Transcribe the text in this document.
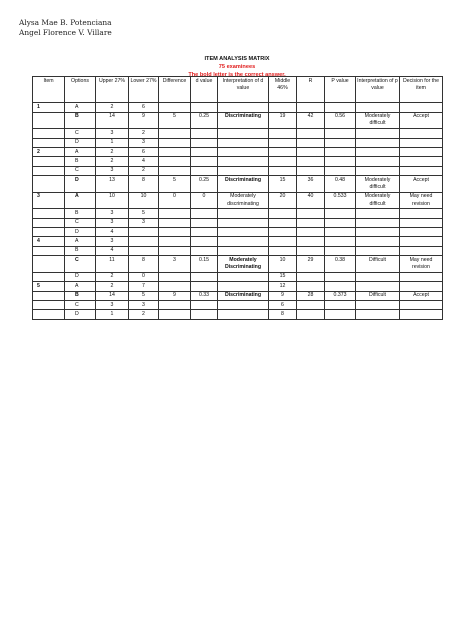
Alysa Mae B. Potenciana
Angel Florence V. Villare
ITEM ANALYSIS MATRIX
75 examinees
The bold letter is the correct answer.
Item	Options	Upper 27%	Lower 27%	Difference	d value	Interpretation of d value	Middle 46%	R	P value	Interpretation of p value	Decision for the item
1	A	2	6								
	B	14	9	5	0.25	Discriminating	19	42	0.56	Moderately difficult	Accept
	C	3	2								
	D	1	3								
2	A	2	6								
	B	2	4								
	C	3	2								
	D	13	8	5	0.25	Discriminating	15	36	0.48	Moderately difficult	Accept
3	A	10	10	0	0	Moderately discriminating	20	40	0.533	Moderately difficult	May need revision
	B	3	5								
	C	3	3								
	D	4									
4	A	3									
	B	4									
	C	11	8	3	0.15	Moderately Discriminating	10	29	0.38	Difficult	May need revision
	D	2	0				15				
5	A	2	7				12				
	B	14	5	9	0.33	Discriminating	9	28	0.373	Difficult	Accept
	C	3	3				6				
	D	1	2				8				
